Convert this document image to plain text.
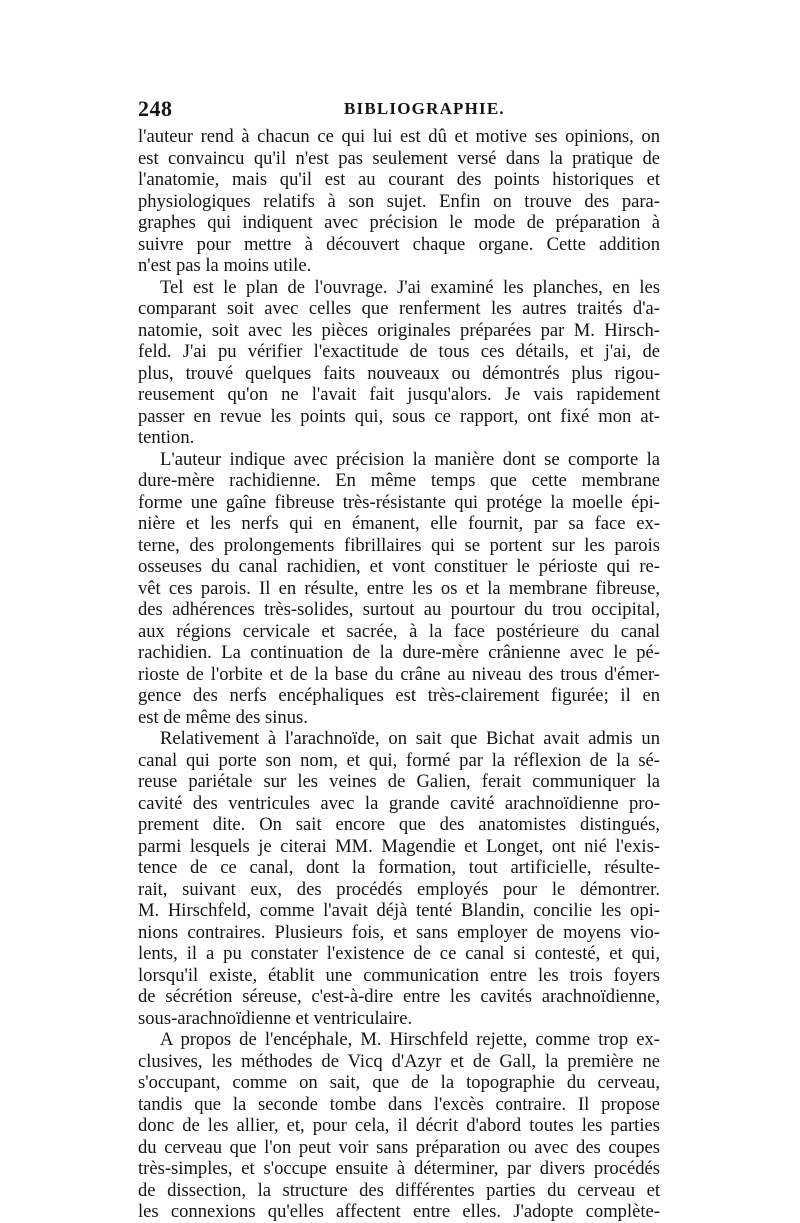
248	BIBLIOGRAPHIE.
l'auteur rend à chacun ce qui lui est dû et motive ses opinions, on
est convaincu qu'il n'est pas seulement versé dans la pratique de
l'anatomie, mais qu'il est au courant des points historiques et
physiologiques relatifs à son sujet. Enfin on trouve des para-
graphes qui indiquent avec précision le mode de préparation à
suivre pour mettre à découvert chaque organe. Cette addition
n'est pas la moins utile.
Tel est le plan de l'ouvrage. J'ai examiné les planches, en les
comparant soit avec celles que renferment les autres traités d'a-
natomie, soit avec les pièces originales préparées par M. Hirsch-
feld. J'ai pu vérifier l'exactitude de tous ces détails, et j'ai, de
plus, trouvé quelques faits nouveaux ou démontrés plus rigou-
reusement qu'on ne l'avait fait jusqu'alors. Je vais rapidement
passer en revue les points qui, sous ce rapport, ont fixé mon at-
tention.
L'auteur indique avec précision la manière dont se comporte la
dure-mère rachidienne. En même temps que cette membrane
forme une gaîne fibreuse très-résistante qui protége la moelle épi-
nière et les nerfs qui en émanent, elle fournit, par sa face ex-
terne, des prolongements fibrillaires qui se portent sur les parois
osseuses du canal rachidien, et vont constituer le périoste qui re-
vêt ces parois. Il en résulte, entre les os et la membrane fibreuse,
des adhérences très-solides, surtout au pourtour du trou occipital,
aux régions cervicale et sacrée, à la face postérieure du canal
rachidien. La continuation de la dure-mère crânienne avec le pé-
rioste de l'orbite et de la base du crâne au niveau des trous d'émer-
gence des nerfs encéphaliques est très-clairement figurée; il en
est de même des sinus.
Relativement à l'arachnoïde, on sait que Bichat avait admis un
canal qui porte son nom, et qui, formé par la réflexion de la sé-
reuse pariétale sur les veines de Galien, ferait communiquer la
cavité des ventricules avec la grande cavité arachnoïdienne pro-
prement dite. On sait encore que des anatomistes distingués,
parmi lesquels je citerai MM. Magendie et Longet, ont nié l'exis-
tence de ce canal, dont la formation, tout artificielle, résulte-
rait, suivant eux, des procédés employés pour le démontrer.
M. Hirschfeld, comme l'avait déjà tenté Blandin, concilie les opi-
nions contraires. Plusieurs fois, et sans employer de moyens vio-
lents, il a pu constater l'existence de ce canal si contesté, et qui,
lorsqu'il existe, établit une communication entre les trois foyers
de sécrétion séreuse, c'est-à-dire entre les cavités arachnoïdienne,
sous-arachnoïdienne et ventriculaire.
A propos de l'encéphale, M. Hirschfeld rejette, comme trop ex-
clusives, les méthodes de Vicq d'Azyr et de Gall, la première ne
s'occupant, comme on sait, que de la topographie du cerveau,
tandis que la seconde tombe dans l'excès contraire. Il propose
donc de les allier, et, pour cela, il décrit d'abord toutes les parties
du cerveau que l'on peut voir sans préparation ou avec des coupes
très-simples, et s'occupe ensuite à déterminer, par divers procédés
de dissection, la structure des différentes parties du cerveau et
les connexions qu'elles affectent entre elles. J'adopte complète-
